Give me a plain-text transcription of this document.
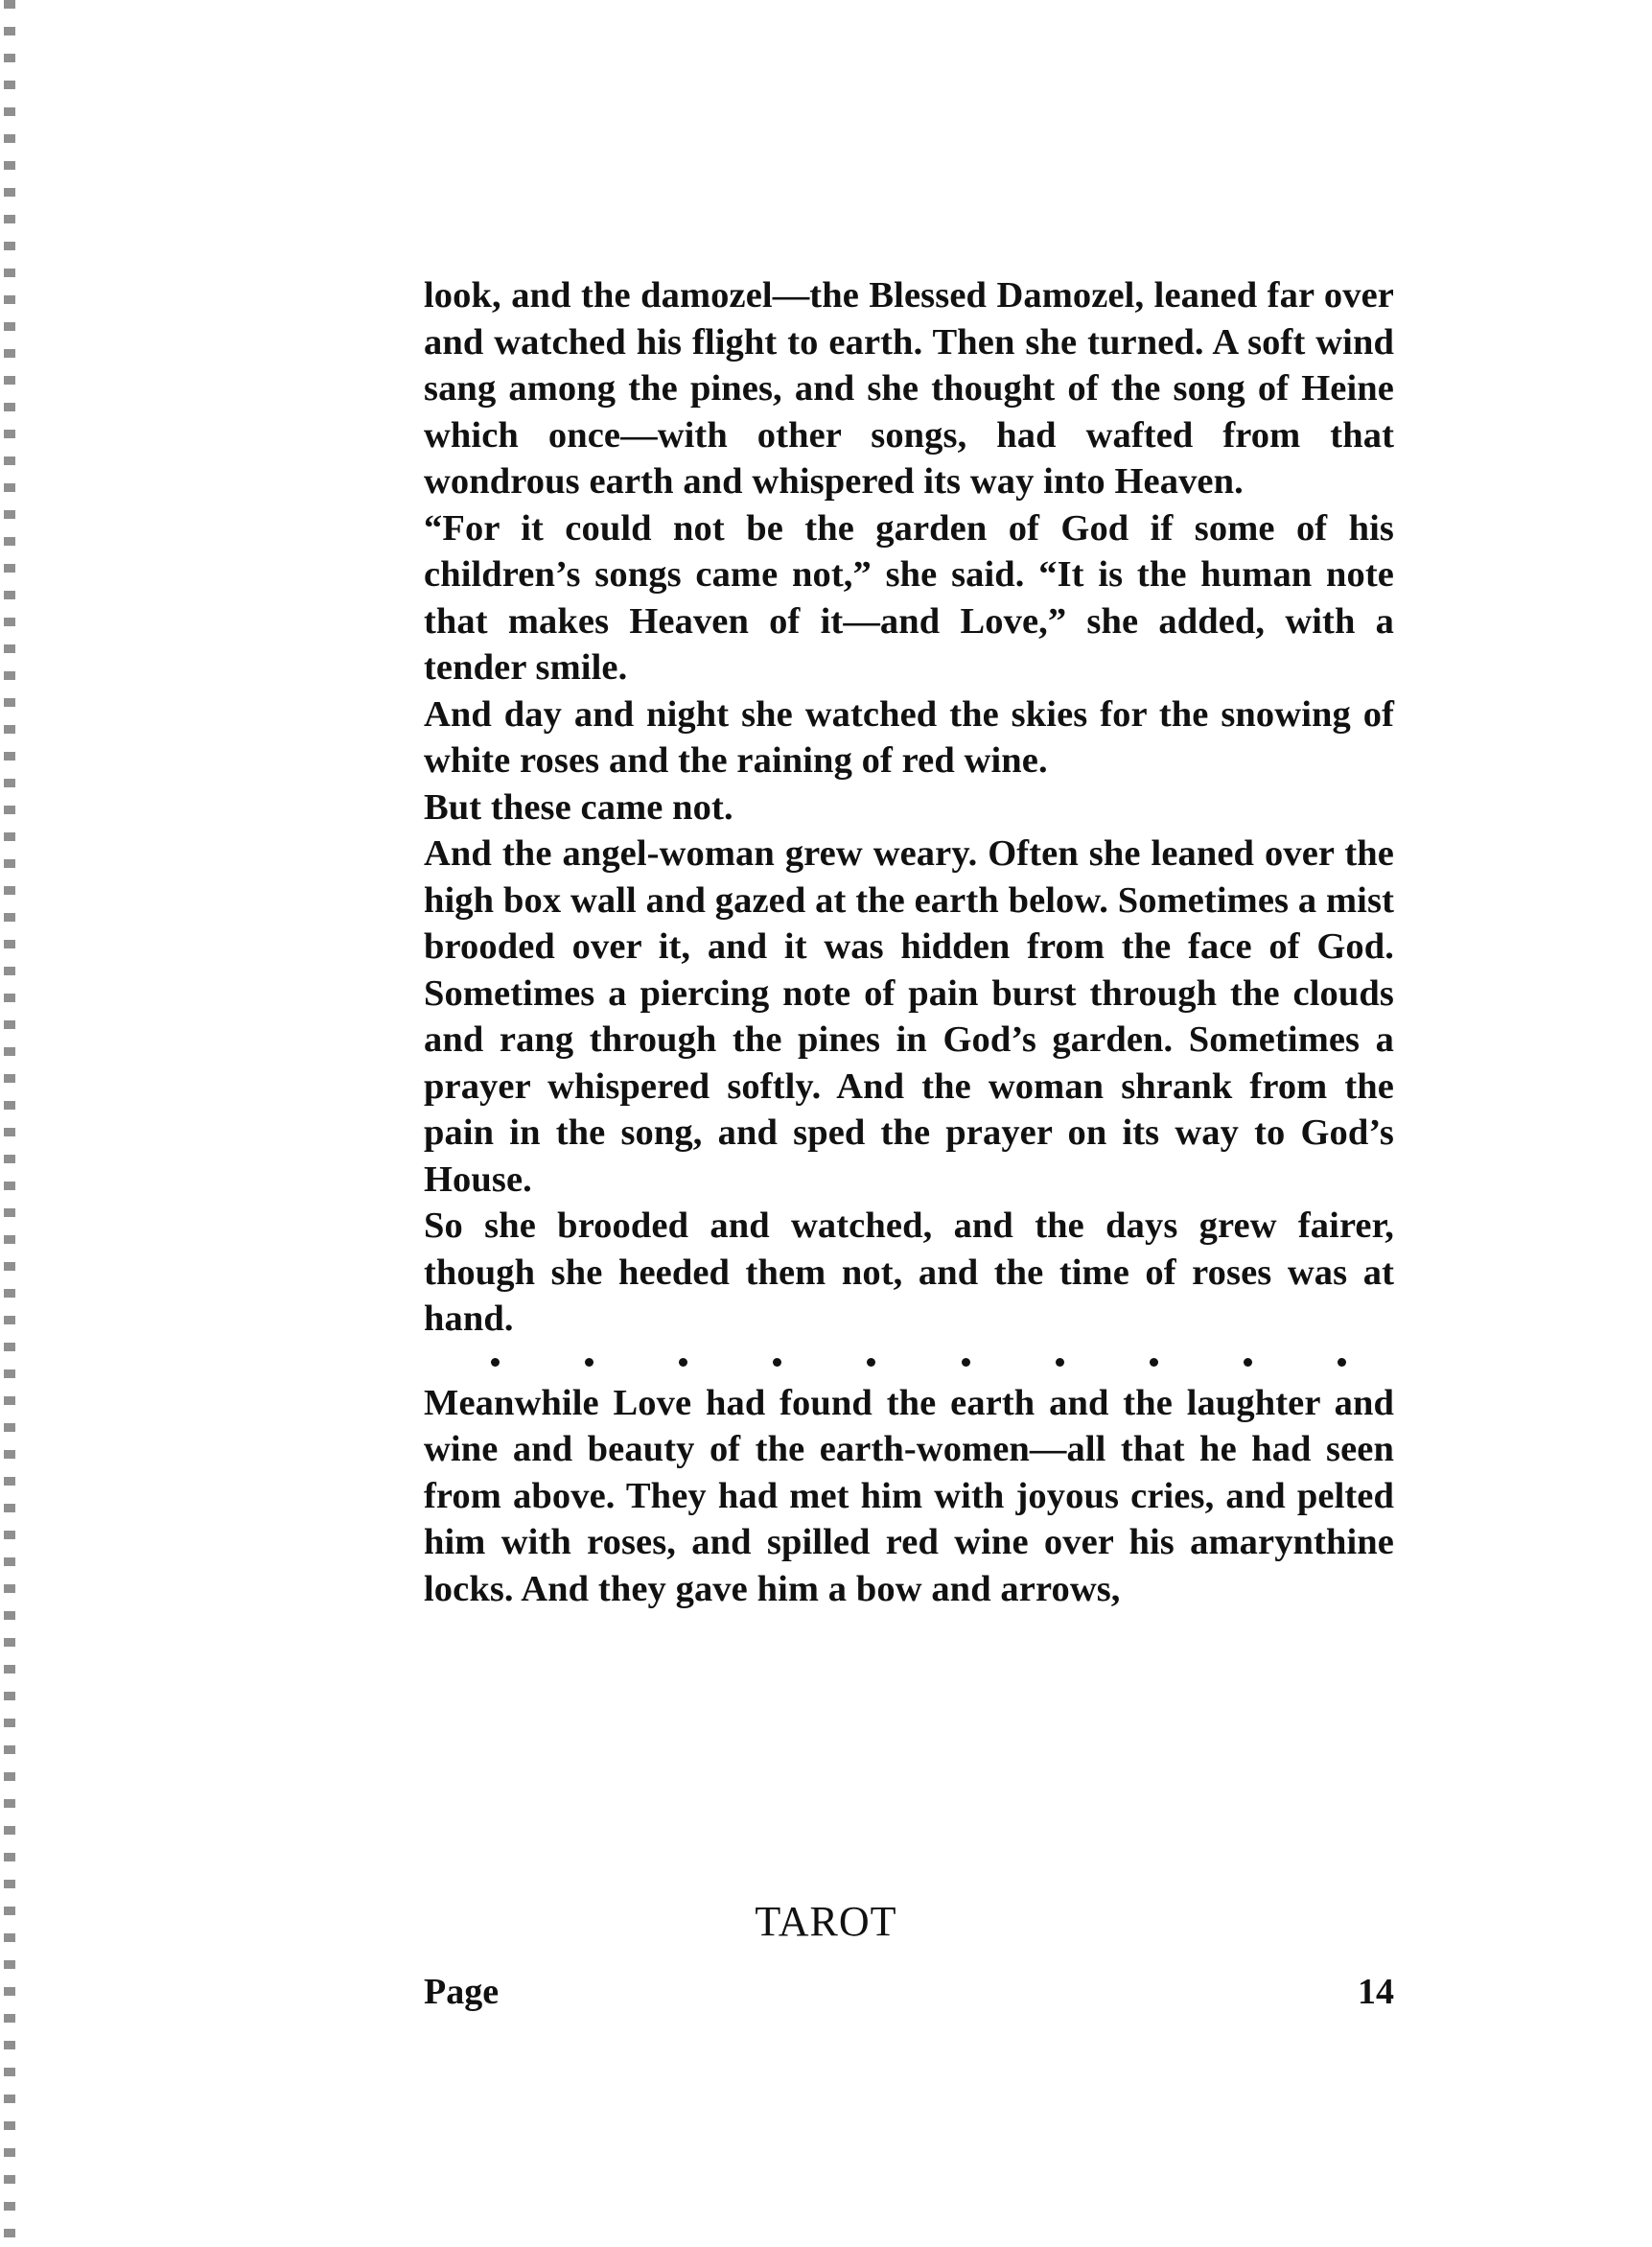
look, and the damozel—the Blessed Damozel, leaned far over and watched his flight to earth. Then she turned. A soft wind sang among the pines, and she thought of the song of Heine which once—with other songs, had wafted from that wondrous earth and whispered its way into Heaven.

“For it could not be the garden of God if some of his children’s songs came not,” she said. “It is the human note that makes Heaven of it—and Love,” she added, with a tender smile.

And day and night she watched the skies for the snowing of white roses and the raining of red wine.

But these came not.

And the angel-woman grew weary. Often she leaned over the high box wall and gazed at the earth below. Sometimes a mist brooded over it, and it was hidden from the face of God. Sometimes a piercing note of pain burst through the clouds and rang through the pines in God’s garden. Sometimes a prayer whispered softly. And the woman shrank from the pain in the song, and sped the prayer on its way to God’s House.

So she brooded and watched, and the days grew fairer, though she heeded them not, and the time of roses was at hand.

Meanwhile Love had found the earth and the laughter and wine and beauty of the earth-women—all that he had seen from above. They had met him with joyous cries, and pelted him with roses, and spilled red wine over his amarynthine locks. And they gave him a bow and arrows,

TAROT
Page	14
